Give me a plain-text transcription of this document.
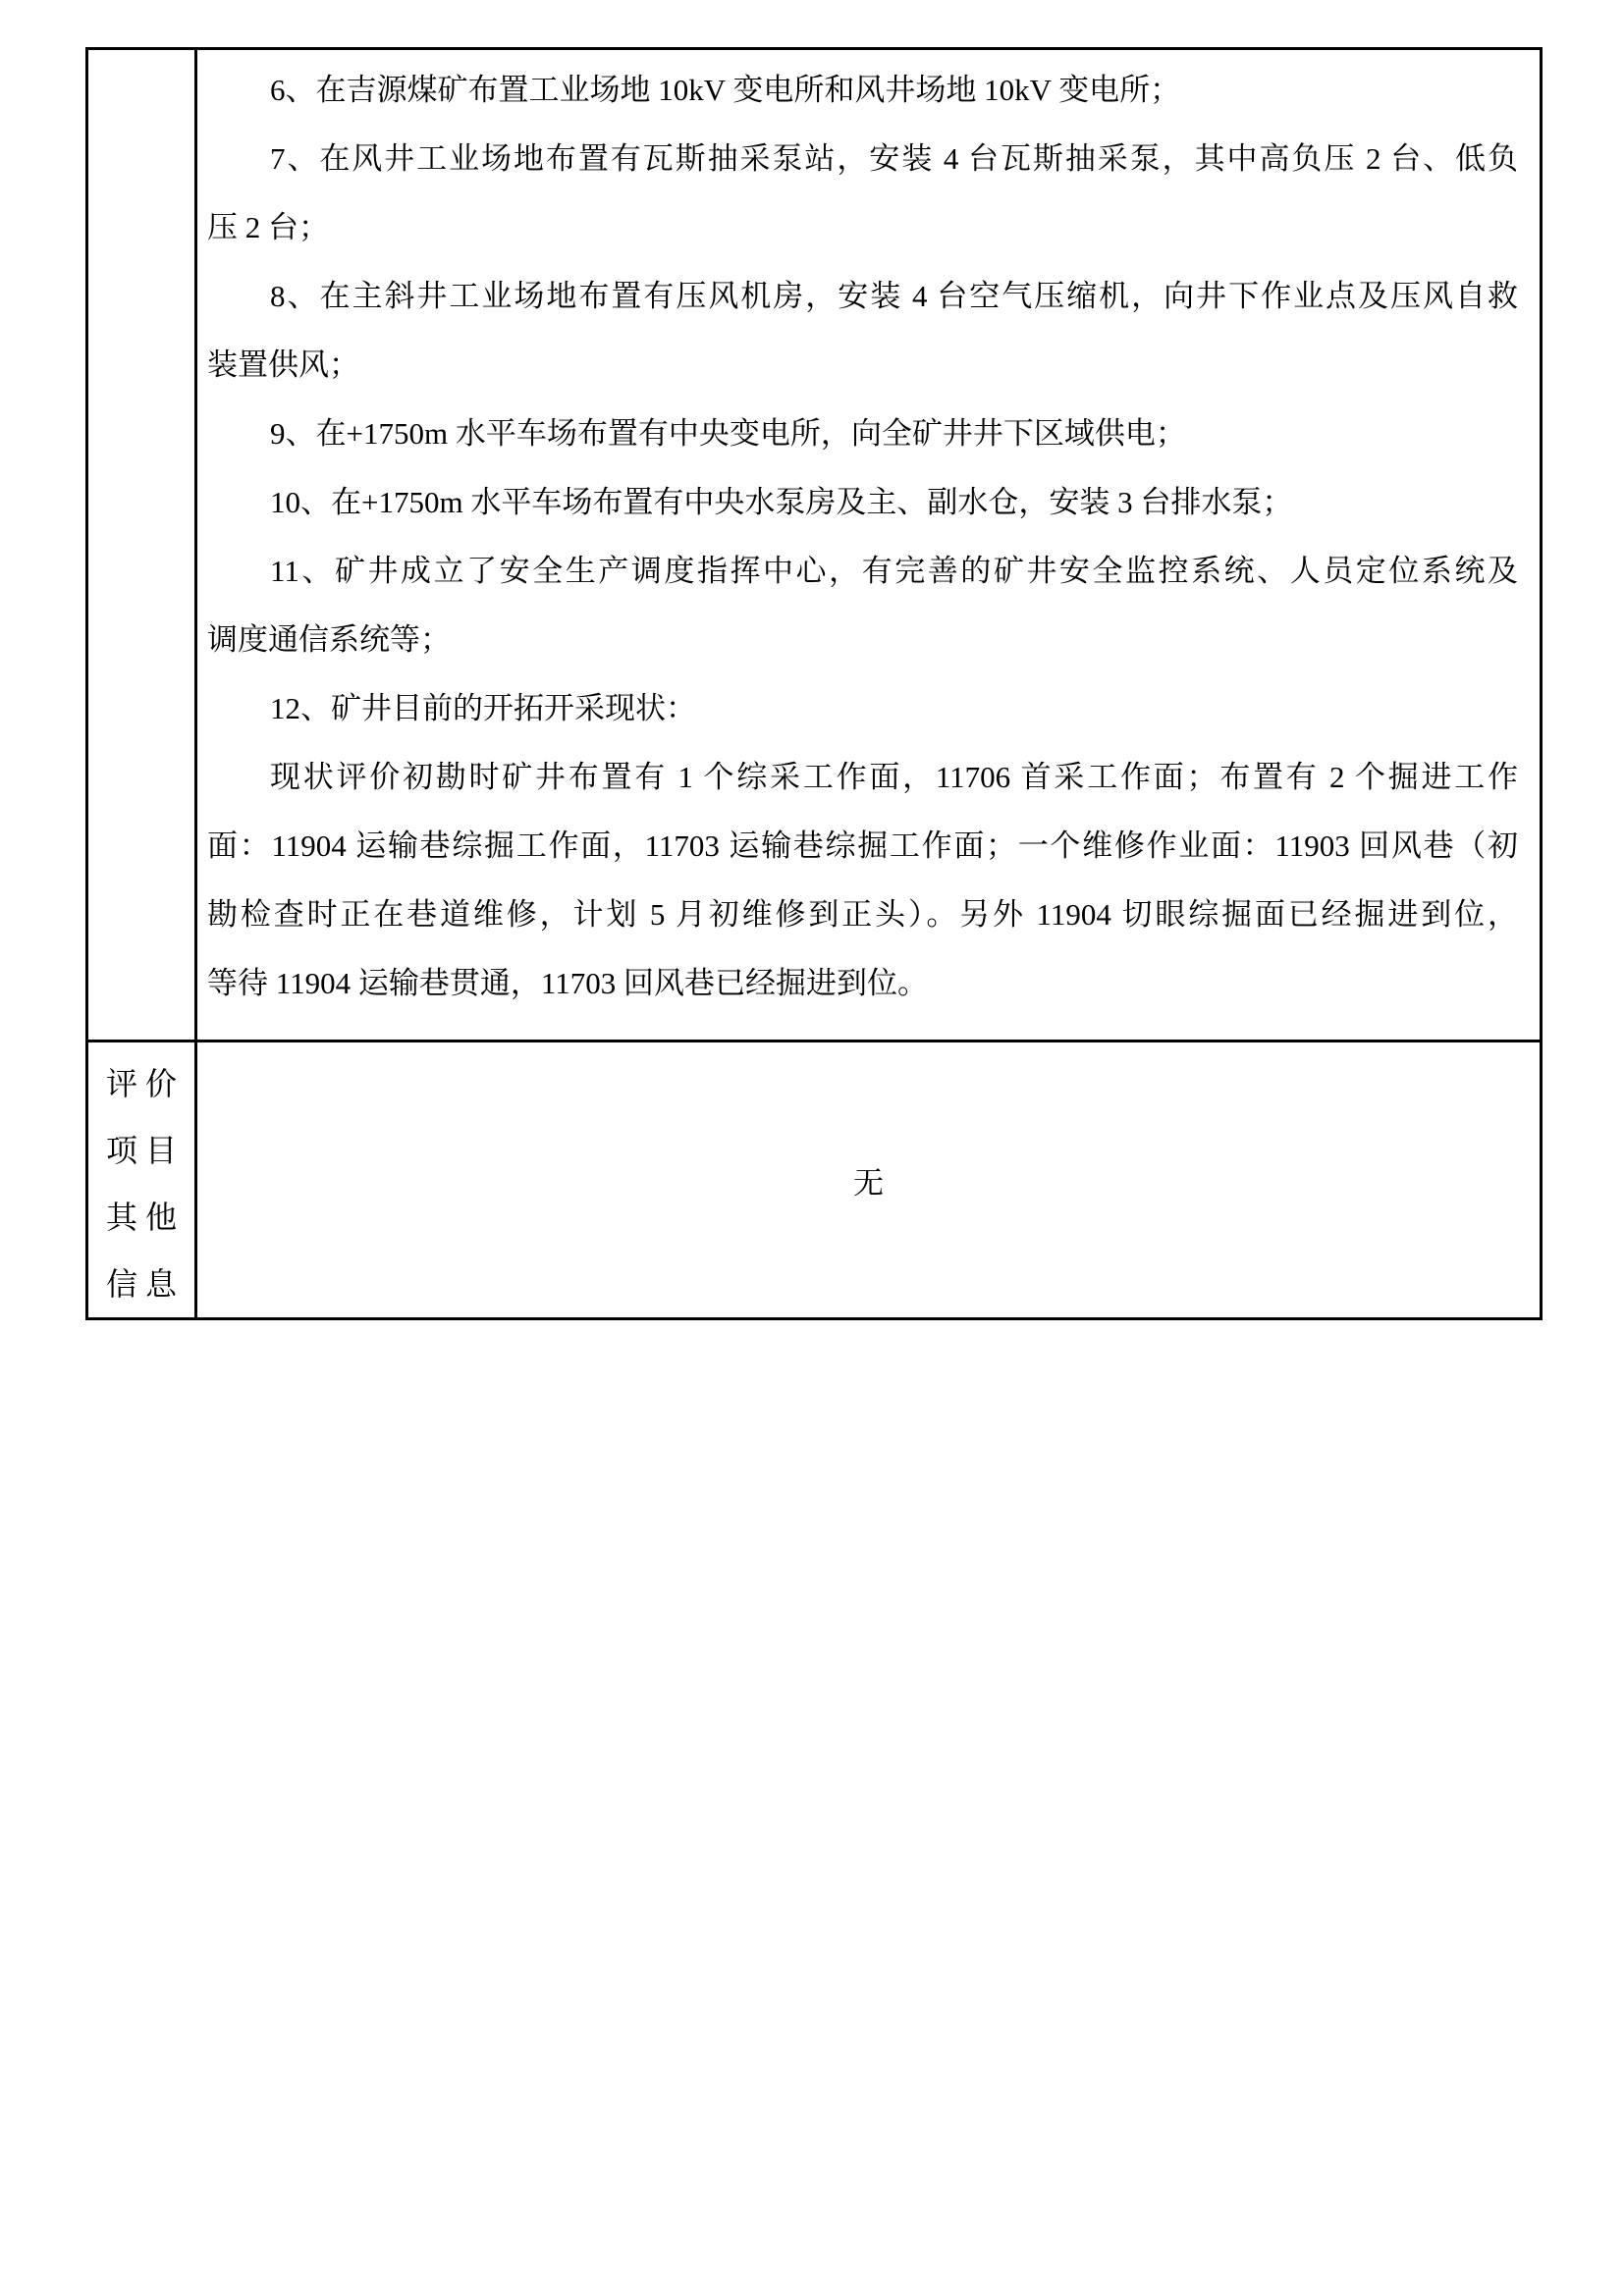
6、在吉源煤矿布置工业场地 10kV 变电所和风井场地 10kV 变电所；
7、在风井工业场地布置有瓦斯抽采泵站，安装 4 台瓦斯抽采泵，其中高负压 2 台、低负
压 2 台；
8、在主斜井工业场地布置有压风机房，安装 4 台空气压缩机，向井下作业点及压风自救
装置供风；
9、在+1750m 水平车场布置有中央变电所，向全矿井井下区域供电；
10、在+1750m 水平车场布置有中央水泵房及主、副水仓，安装 3 台排水泵；
11、矿井成立了安全生产调度指挥中心，有完善的矿井安全监控系统、人员定位系统及
调度通信系统等；
12、矿井目前的开拓开采现状：
现状评价初勘时矿井布置有 1 个综采工作面，11706 首采工作面；布置有 2 个掘进工作
面：11904 运输巷综掘工作面，11703 运输巷综掘工作面；一个维修作业面：11903 回风巷（初
勘检查时正在巷道维修，计划 5 月初维修到正头）。另外 11904 切眼综掘面已经掘进到位，
等待 11904 运输巷贯通，11703 回风巷已经掘进到位。
评价
项目
其他
信息
无
